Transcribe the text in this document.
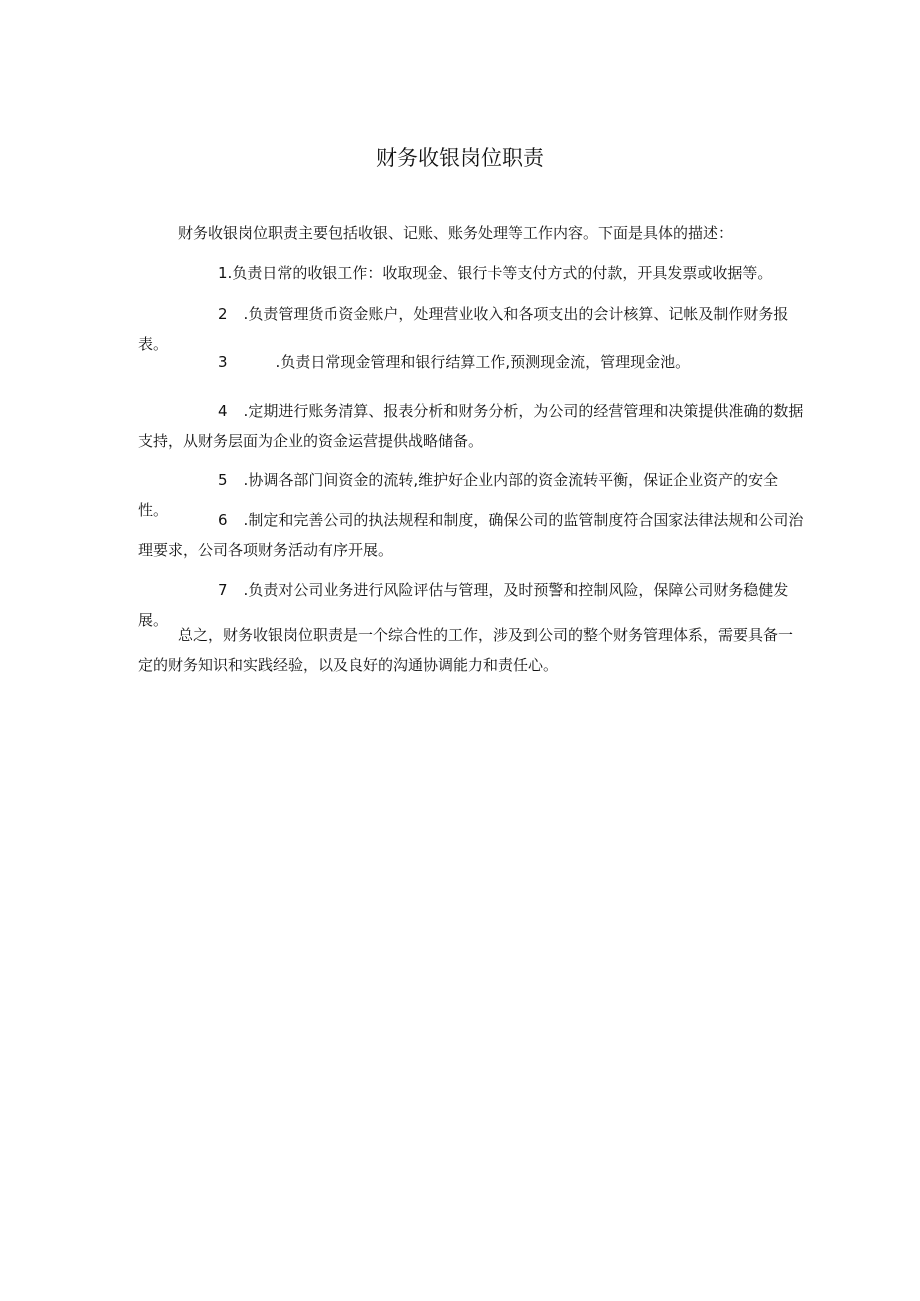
财务收银岗位职责

财务收银岗位职责主要包括收银、记账、账务处理等工作内容。下面是具体的描述：

1.负责日常的收银工作：收取现金、银行卡等支付方式的付款，开具发票或收据等。

2 .负责管理货币资金账户，处理营业收入和各项支出的会计核算、记帐及制作财务报表。

3	.负责日常现金管理和银行结算工作,预测现金流，管理现金池。

4 .定期进行账务清算、报表分析和财务分析，为公司的经营管理和决策提供准确的数据支持，从财务层面为企业的资金运营提供战略储备。

5 .协调各部门间资金的流转,维护好企业内部的资金流转平衡，保证企业资产的安全性。

6 .制定和完善公司的执法规程和制度，确保公司的监管制度符合国家法律法规和公司治理要求，公司各项财务活动有序开展。

7 .负责对公司业务进行风险评估与管理，及时预警和控制风险，保障公司财务稳健发展。

总之，财务收银岗位职责是一个综合性的工作，涉及到公司的整个财务管理体系，需要具备一定的财务知识和实践经验，以及良好的沟通协调能力和责任心。
